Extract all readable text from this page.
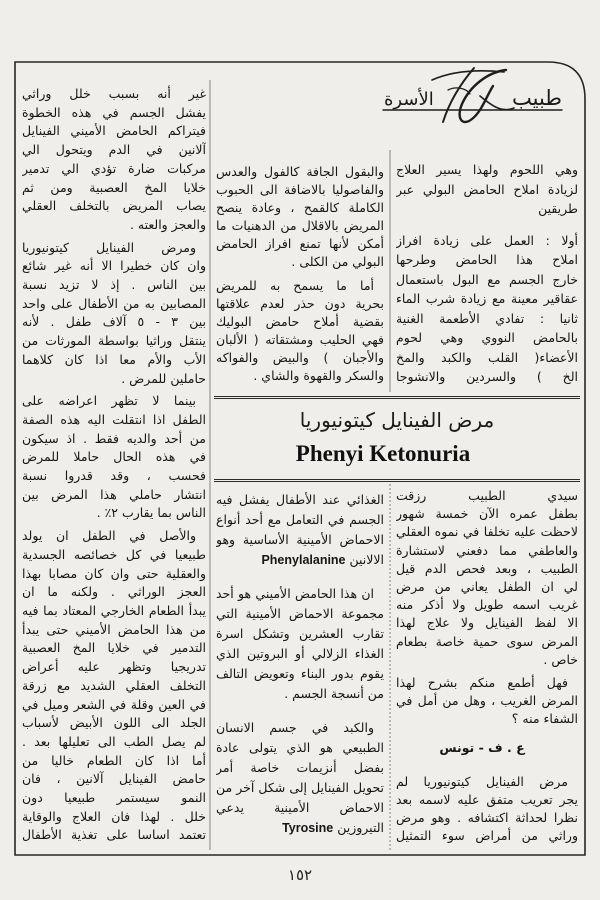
طبيب
الأسرة
غير أنه بسبب خلل وراثي
يفشل الجسم في هذه الخطوة
فيتراكم الحامض الأميني الفينايل
آلانين في الدم ويتحول الي
مركبات ضارة تؤدي الي تدمير
خلايا المخ العصبية ومن ثم
يصاب المريض بالتخلف العقلي
والعجز والعته .
ومرض الفينايل كيتونيوريا
وان كان خطيرا الا أنه غير شائع
بين الناس . إذ لا تزيد نسبة
المصابين به من الأطفال على واحد
بين ٣ - ٥ آلاف طفل . لأنه
ينتقل وراثيا بواسطة المورثات من
الأب والأم معا اذا كان كلاهما
حاملين للمرض .
بينما لا تظهر اعراضه على
الطفل اذا انتقلت اليه هذه الصفة
من أحد والديه فقط . اذ سيكون
في هذه الحال حاملا للمرض
فحسب ، وقد قدروا نسبة
انتشار حاملي هذا المرض بين
الناس بما يقارب ٢٪ .
والأصل في الطفل ان يولد
طبيعيا في كل خصائصه الجسدية
والعقلية حتى وان كان مصابا بهذا
العجز الوراثي . ولكنه ما ان
يبدأ الطعام الخارجي المعتاد بما فيه
من هذا الحامض الأميني حتى يبدأ
التدمير في خلايا المخ العصبية
تدريجيا وتظهر عليه أعراض
التخلف العقلي الشديد مع زرقة
في العين وقلة في الشعر وميل في
الجلد الى اللون الأبيض لأسباب
لم يصل الطب الى تعليلها بعد .
أما اذا كان الطعام خاليا من
حامض الفينايل آلانين ، فان
النمو سيستمر طبيعيا دون
خلل . لهذا فان العلاج والوقاية
تعتمد اساسا على تغذية الأطفال
والبقول الجافة كالفول والعدس
والفاصوليا بالاضافة الى الحبوب
الكاملة كالقمح ، وعادة ينصح
المريض بالاقلال من الدهنيات ما
أمكن لأنها تمنع افراز الحامض
البولي من الكلى .
أما ما يسمح به للمريض
بحرية دون حذر لعدم علاقتها
بقضية أملاح حامض البوليك
فهي الحليب ومشتقاته ( الألبان
والأجبان ) والبيض والفواكه
والسكر والقهوة والشاي .
وهي اللحوم ولهذا يسير العلاج
لزيادة املاح الحامض البولي عبر
طريقين
أولا : العمل على زيادة افراز
املاح هذا الحامض وطرحها
خارج الجسم مع البول باستعمال
عقاقير معينة مع زيادة شرب الماء
ثانيا : تفادي الأطعمة الغنية
بالحامض النووي وهي لحوم
الأعضاء( القلب والكبد والمخ
الخ ) والسردين والانشوجا
مرض الفينايل كيتونيوريا
Phenyi Ketonuria
الغذائي عند الأطفال يفشل فيه
الجسم في التعامل مع أحد أنواع
الاحماض الأمينية الأساسية وهو
الالانين Phenylalanine
ان هذا الحامض الأميني هو أحد
مجموعة الاحماض الأمينية التي
تقارب العشرين وتشكل اسرة
الغذاء الزلالي أو البروتين الذي
يقوم بدور البناء وتعويض التالف
من أنسجة الجسم .
والكبد في جسم الانسان
الطبيعي هو الذي يتولى عادة
بفضل أنزيمات خاصة أمر
تحويل الفينايل إلى شكل آخر من
الاحماض الأمينية يدعي
التيروزين Tyrosine
سيدي الطبيب رزقت
بطفل عمره الآن خمسة شهور
لاحظت عليه تخلفا في نموه العقلي
والعاطفي مما دفعني لاستشارة
الطبيب ، وبعد فحص الدم قيل
لي ان الطفل يعاني من مرض
غريب اسمه طويل ولا أذكر منه
الا لفظ الفينايل ولا علاج لهذا
المرض سوى حمية خاصة بطعام
خاص .
فهل أطمع منكم بشرح لهذا
المرض الغريب ، وهل من أمل في
الشفاء منه ؟
ع . ف - تونس
مرض الفينايل كيتونيوريا لم
يجر تعريب متفق عليه لاسمه بعد
نظرا لحداثة اكتشافه . وهو مرض
وراثي من أمراض سوء التمثيل
١٥٢
